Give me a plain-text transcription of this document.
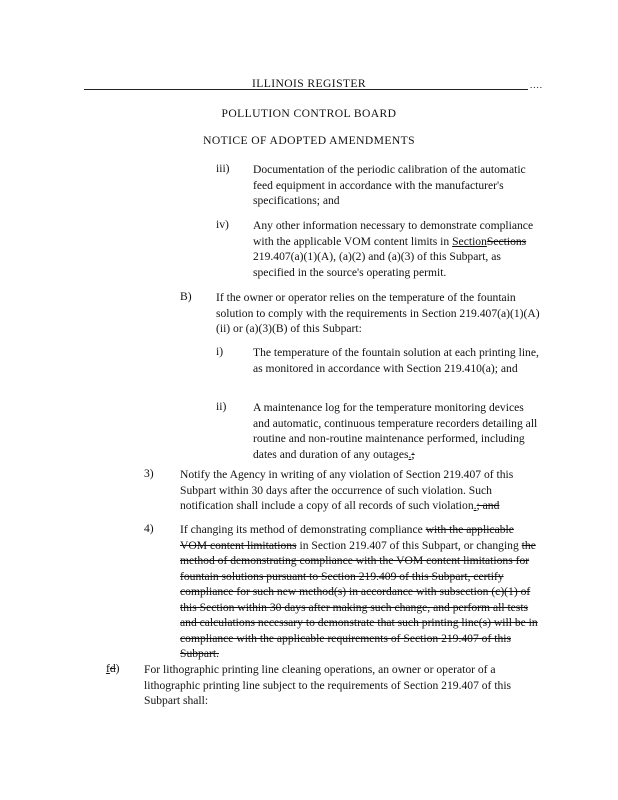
ILLINOIS REGISTER	....
POLLUTION CONTROL BOARD
NOTICE OF ADOPTED AMENDMENTS
iii) Documentation of the periodic calibration of the automatic feed equipment in accordance with the manufacturer's specifications; and
iv) Any other information necessary to demonstrate compliance with the applicable VOM content limits in SectionSections 219.407(a)(1)(A), (a)(2) and (a)(3) of this Subpart, as specified in the source's operating permit.
B) If the owner or operator relies on the temperature of the fountain solution to comply with the requirements in Section 219.407(a)(1)(A)(ii) or (a)(3)(B) of this Subpart:
i)	The temperature of the fountain solution at each printing line, as monitored in accordance with Section 219.410(a); and
ii) A maintenance log for the temperature monitoring devices and automatic, continuous temperature recorders detailing all routine and non-routine maintenance performed, including dates and duration of any outages.;
3) Notify the Agency in writing of any violation of Section 219.407 of this Subpart within 30 days after the occurrence of such violation. Such notification shall include a copy of all records of such violation.; and
4) If changing its method of demonstrating compliance with the applicable VOM content limitations in Section 219.407 of this Subpart, or changing the method of demonstrating compliance with the VOM content limitations for fountain solutions pursuant to Section 219.409 of this Subpart, certify compliance for such new method(s) in accordance with subsection (c)(1) of this Section within 30 days after making such change, and perform all tests and calculations necessary to demonstrate that such printing line(s) will be in compliance with the applicable requirements of Section 219.407 of this Subpart.
fd) For lithographic printing line cleaning operations, an owner or operator of a lithographic printing line subject to the requirements of Section 219.407 of this Subpart shall:
